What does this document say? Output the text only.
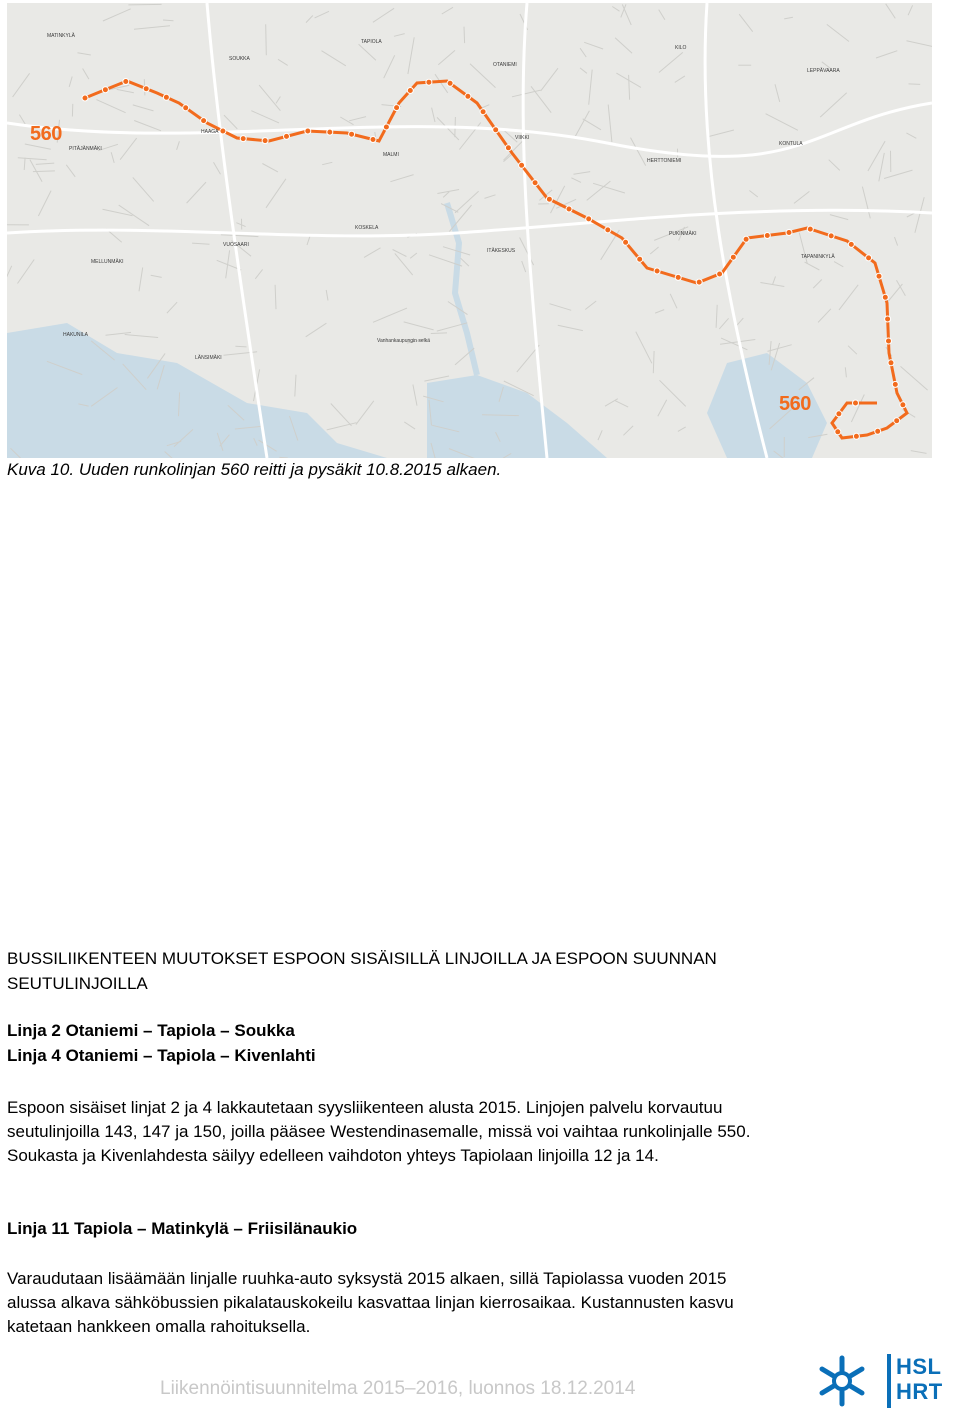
560
560
MATINKYLÄ
SOUKKA
TAPIOLA
OTANIEMI
KILO
LEPPÄVAARA
PITÄJÄNMÄKI
HAAGA
MALMI
VIIKKI
HERTTONIEMI
KONTULA
MELLUNMÄKI
VUOSAARI
KOSKELA
ITÄKESKUS
PUKINMÄKI
TAPANINKYLÄ
HAKUNILA
LÄNSIMÄKI
Vanhankaupungin selkä
Kuva 10. Uuden runkolinjan 560 reitti ja pysäkit 10.8.2015 alkaen.
BUSSILIIKENTEEN MUUTOKSET ESPOON SISÄISILLÄ LINJOILLA JA ESPOON SUUNNAN
SEUTULINJOILLA
Linja 2 Otaniemi – Tapiola – Soukka
Linja 4 Otaniemi – Tapiola – Kivenlahti
Espoon sisäiset linjat 2 ja 4 lakkautetaan syysliikenteen alusta 2015. Linjojen palvelu korvautuu
seutulinjoilla 143, 147 ja 150, joilla pääsee Westendinasemalle, missä voi vaihtaa runkolinjalle 550.
Soukasta ja Kivenlahdesta säilyy edelleen vaihdoton yhteys Tapiolaan linjoilla 12 ja 14.
Linja 11 Tapiola – Matinkylä – Friisilänaukio
Varaudutaan lisäämään linjalle ruuhka-auto syksystä 2015 alkaen, sillä Tapiolassa vuoden 2015
alussa alkava sähköbussien pikalatauskokeilu kasvattaa linjan kierrosaikaa. Kustannusten kasvu
katetaan hankkeen omalla rahoituksella.
Liikennöintisuunnitelma 2015–2016, luonnos 18.12.2014
HSL
HRT
